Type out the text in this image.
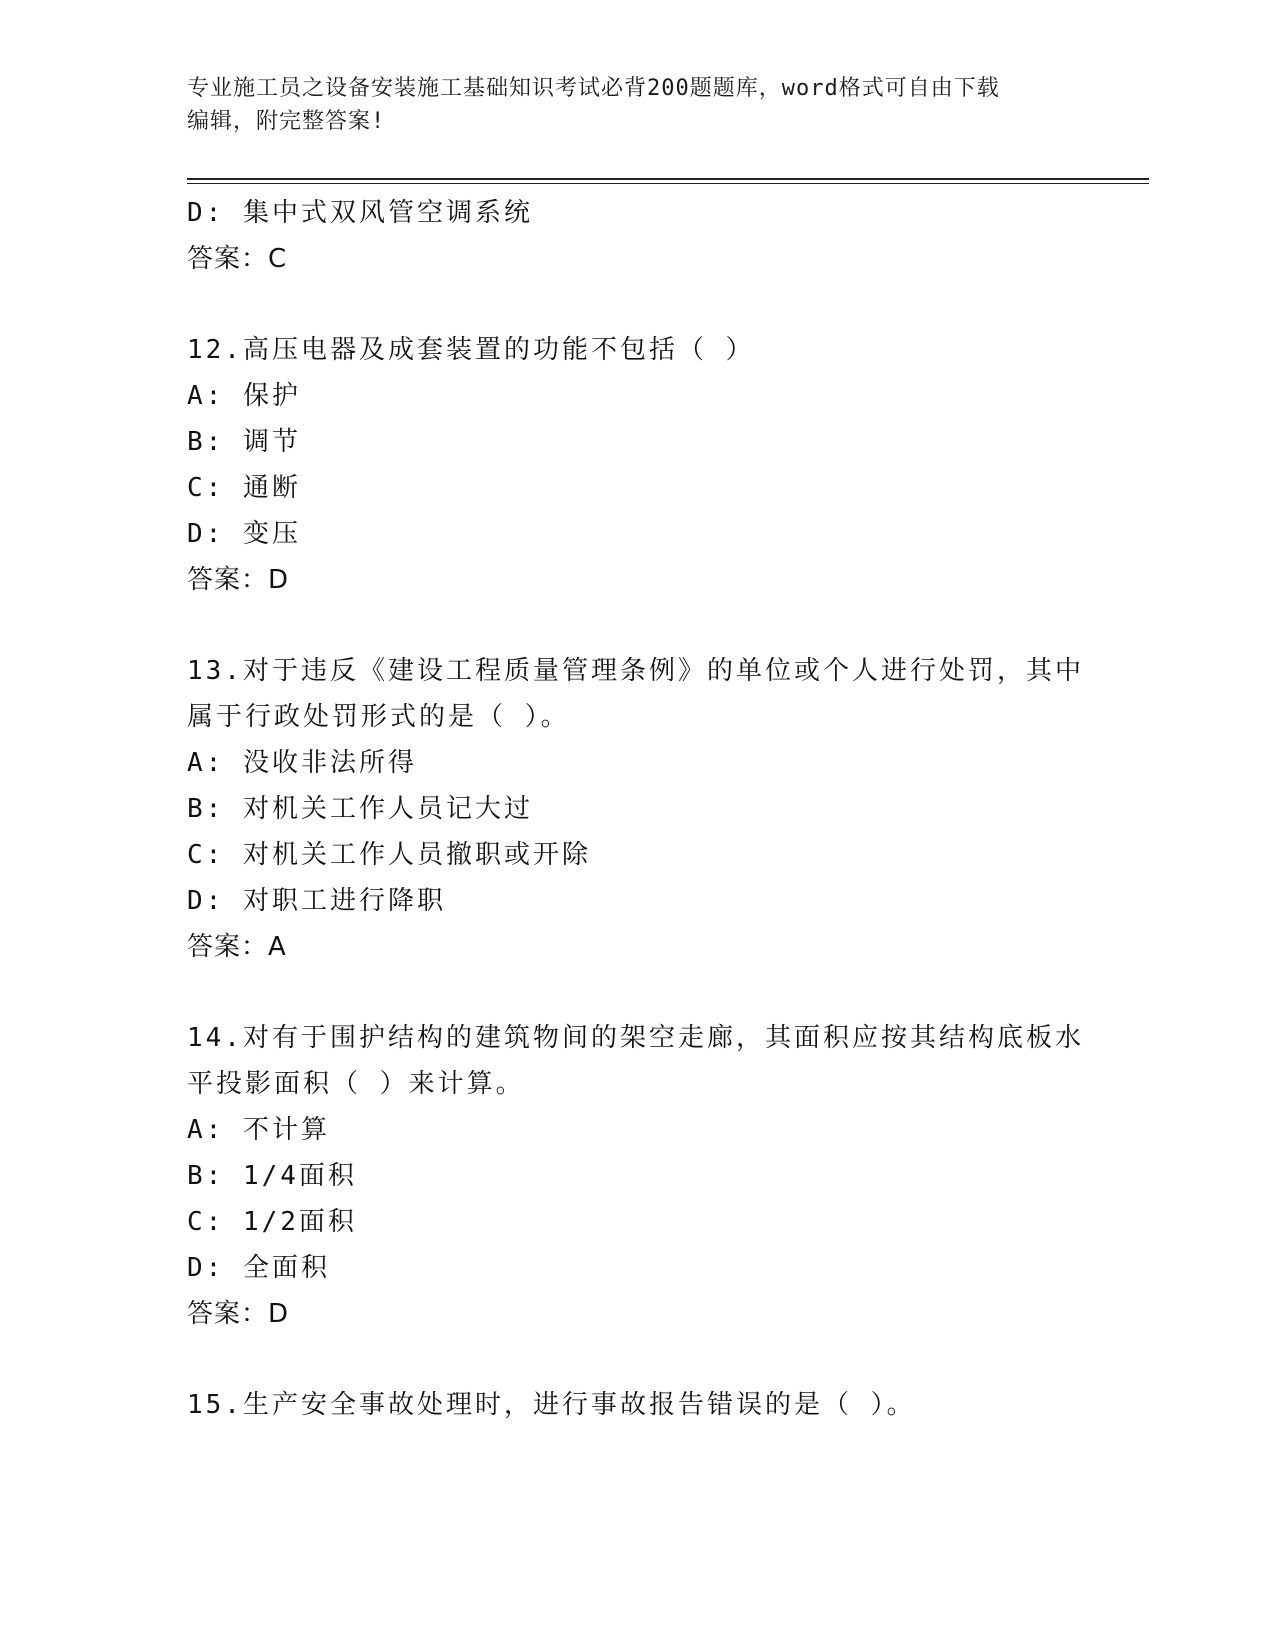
专业施工员之设备安装施工基础知识考试必背200题题库，word格式可自由下载
编辑，附完整答案!
D: 集中式双风管空调系统
答案：C
12.高压电器及成套装置的功能不包括（ ）
A: 保护
B: 调节
C: 通断
D: 变压
答案：D
13.对于违反《建设工程质量管理条例》的单位或个人进行处罚，其中
属于行政处罚形式的是（ ）。
A: 没收非法所得
B: 对机关工作人员记大过
C: 对机关工作人员撤职或开除
D: 对职工进行降职
答案：A
14.对有于围护结构的建筑物间的架空走廊，其面积应按其结构底板水
平投影面积（ ）来计算。
A: 不计算
B: 1/4面积
C: 1/2面积
D: 全面积
答案：D
15.生产安全事故处理时，进行事故报告错误的是（ ）。
